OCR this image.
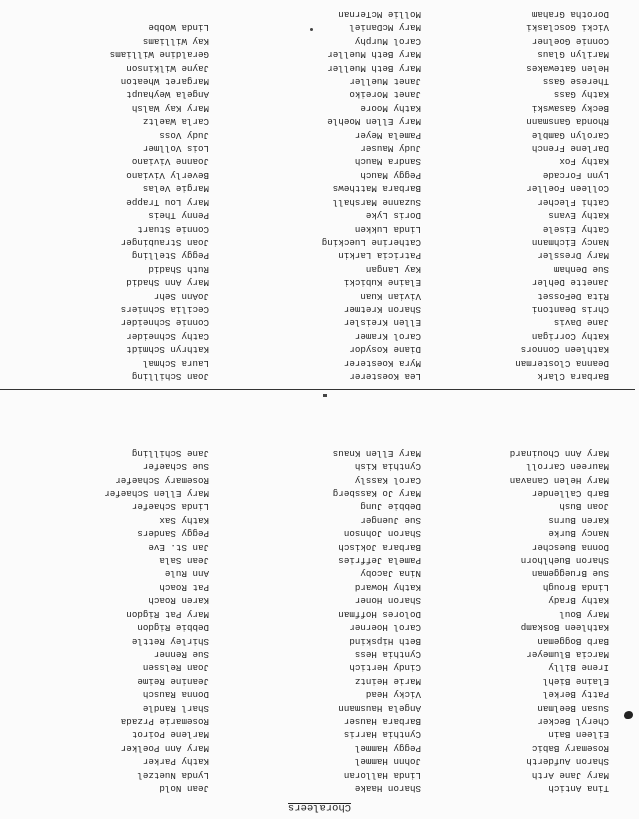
Choraleers
Tina Antich
Mary Jane Arth
Sharon Aufderth
Rosemary Babic
Eileen Bain
Cheryl Becker
Susan Beelman
Patty Berkel
Elaine Biehl
Irene Billy
Marcia Blumeyer
Barb Boggeman
Kathleen Boskamp
Mary Boul
Kathy Brady
Linda Brough
Sue Brueggeman
Sharon Buehlhorn
Donna Buescher
Nancy Burke
Karen Burns
Joan Bush
Barb Callender
Mary Helen Canavan
Maureen Carroll
Mary Ann Chouinard
Sharon Haake
Linda Halloran
Johnn Hammel
Peggy Hammel
Cynthia Harris
Barbara Hauser
Angela Hausmann
Vicky Head
Marie Heintz
Cindy Hertich
Cynthia Hess
Beth Hipskind
Carol Hoerner
Dolores Hoffman
Sharon Honer
Kathy Howard
Nina Jacoby
Pamela Jeffries
Barbara Jokisch
Sharon Johnson
Sue Juenger
Debbie Jung
Mary Jo Kassberg
Carol Kassly
Cynthia Kish
Mary Ellen Knaus
Jean Nold
Lynda Nuetzel
Kathy Parker
Mary Ann Poelker
Marlene Poirot
Rosemarie Przada
Sharl Randle
Donna Rausch
Jeanine Reime
Joan Relssen
Sue Renner
Shirley Rettle
Debbie Rigdon
Mary Pat Rigdon
Karen Roach
Pat Roach
Ann Rule
Jean Sala
Jan St. Eve
Peggy Sanders
Kathy Sax
Linda Schaefer
Mary Ellen Schaefer
Rosemary Schaefer
Sue Schaefer
Jane Schilling
Barbara Clark
Deanna Closterman
Kathleen Connors
Kathy Corrigan
Jane Davis
Chris Deantoni
Rita DeFosset
Janette Dehler
Sue Denham
Mary Dressler
Nancy Eichmann
Cathy Eisele
Kathy Evans
Cathi Flecher
Colleen Foeller
Lynn Forcade
Kathy Fox
Darlene French
Carolyn Gamble
Rhonda Gansmann
Becky Gasawski
Kathy Gass
Therese Gass
Helen Gatewakes
Marilyn Glaus
Connie Goelner
Vicki Gosclaski
Dorotha Graham
Lea Koesterer
Myra Koesterer
Diane Kosydor
Carol Kramer
Ellen Kreisler
Sharon Kretmer
Vivian Kuan
Elaine Kubicki
Kay Langan
Patricia Larkin
Catherine Luecking
Linda Lukken
Doris Lyke
Suzanne Marshall
Barbara Matthews
Peggy Mauch
Sandra Mauch
Judy Mauser
Pamela Meyer
Mary Ellen Moehle
Kathy Moore
Janet Moreiko
Janet Mueller
Mary Beth Mueller
Mary Beth Mueller
Carol Murphy
Mary McDaniel
Mollie McTernan
Joan Schilling
Laura Schmal
Kathryn Schmidt
Cathy Schneider
Connie Schneider
Cecilia Schniers
JoAnn Sehr
Mary Ann Shadid
Ruth Shadid
Peggy Stelling
Joan Straubinger
Connie Stuart
Penny Theis
Mary Lou Trappe
Margie Velas
Beverly Viviano
Joanne Viviano
Lois Vollmer
Judy Voss
Carla Waeltz
Mary Kay Walsh
Angela Weyhaupt
Margaret Wheaton
Jayne Wilkinson
Geraldine Williams
Kay Williams
Linda Wobbe
